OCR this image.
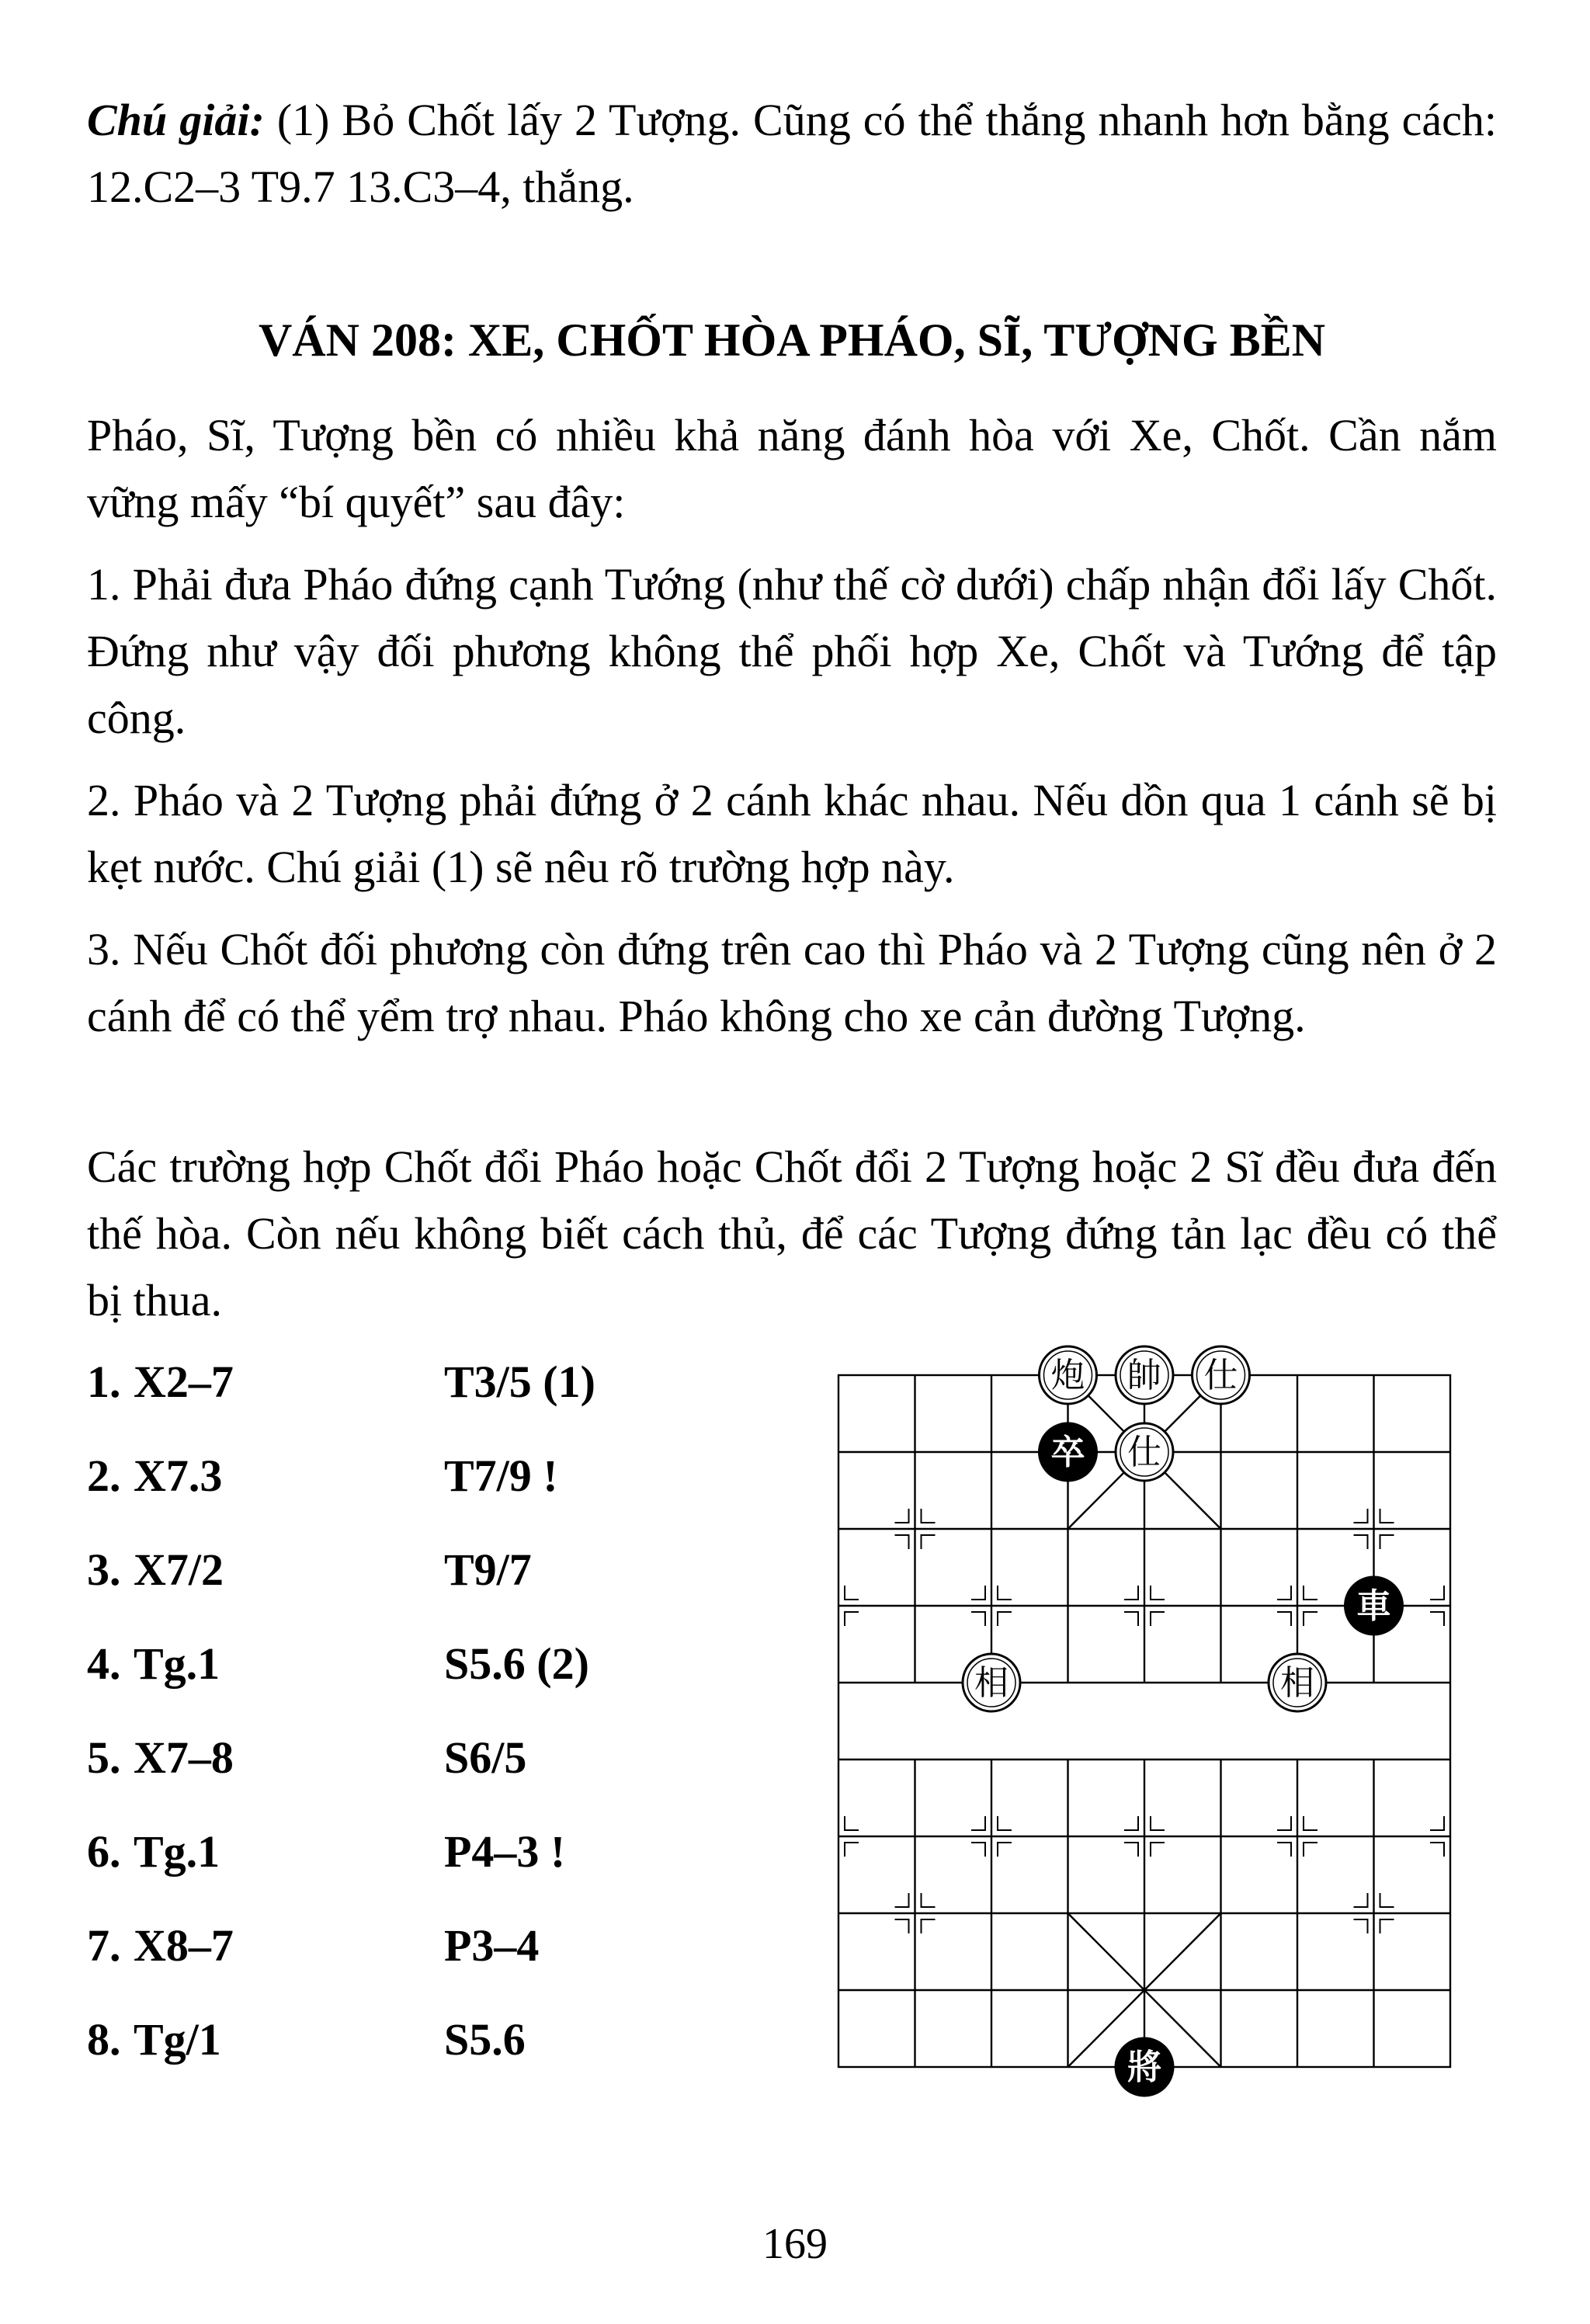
Chú giải: (1) Bỏ Chốt lấy 2 Tượng. Cũng có thể thắng nhanh hơn bằng cách: 12.C2–3 T9.7 13.C3–4, thắng.

VÁN 208: XE, CHỐT HÒA PHÁO, SĨ, TƯỢNG BỀN

Pháo, Sĩ, Tượng bền có nhiều khả năng đánh hòa với Xe, Chốt. Cần nắm vững mấy “bí quyết” sau đây:

1. Phải đưa Pháo đứng cạnh Tướng (như thế cờ dưới) chấp nhận đổi lấy Chốt. Đứng như vậy đối phương không thể phối hợp Xe, Chốt và Tướng để tập công.

2. Pháo và 2 Tượng phải đứng ở 2 cánh khác nhau. Nếu dồn qua 1 cánh sẽ bị kẹt nước. Chú giải (1) sẽ nêu rõ trường hợp này.

3. Nếu Chốt đối phương còn đứng trên cao thì Pháo và 2 Tượng cũng nên ở 2 cánh để có thể yểm trợ nhau. Pháo không cho xe cản đường Tượng.

Các trường hợp Chốt đổi Pháo hoặc Chốt đổi 2 Tượng hoặc 2 Sĩ đều đưa đến thế hòa. Còn nếu không biết cách thủ, để các Tượng đứng tản lạc đều có thể bị thua.

1. X2–7	T3/5 (1)
2. X7.3	T7/9 !
3. X7/2	T9/7
4. Tg.1	S5.6 (2)
5. X7–8	S6/5
6. Tg.1	P4–3 !
7. X8–7	P3–4
8. Tg/1	S5.6
炮 帥 仕
卒 仕
車
相	相
將
169
